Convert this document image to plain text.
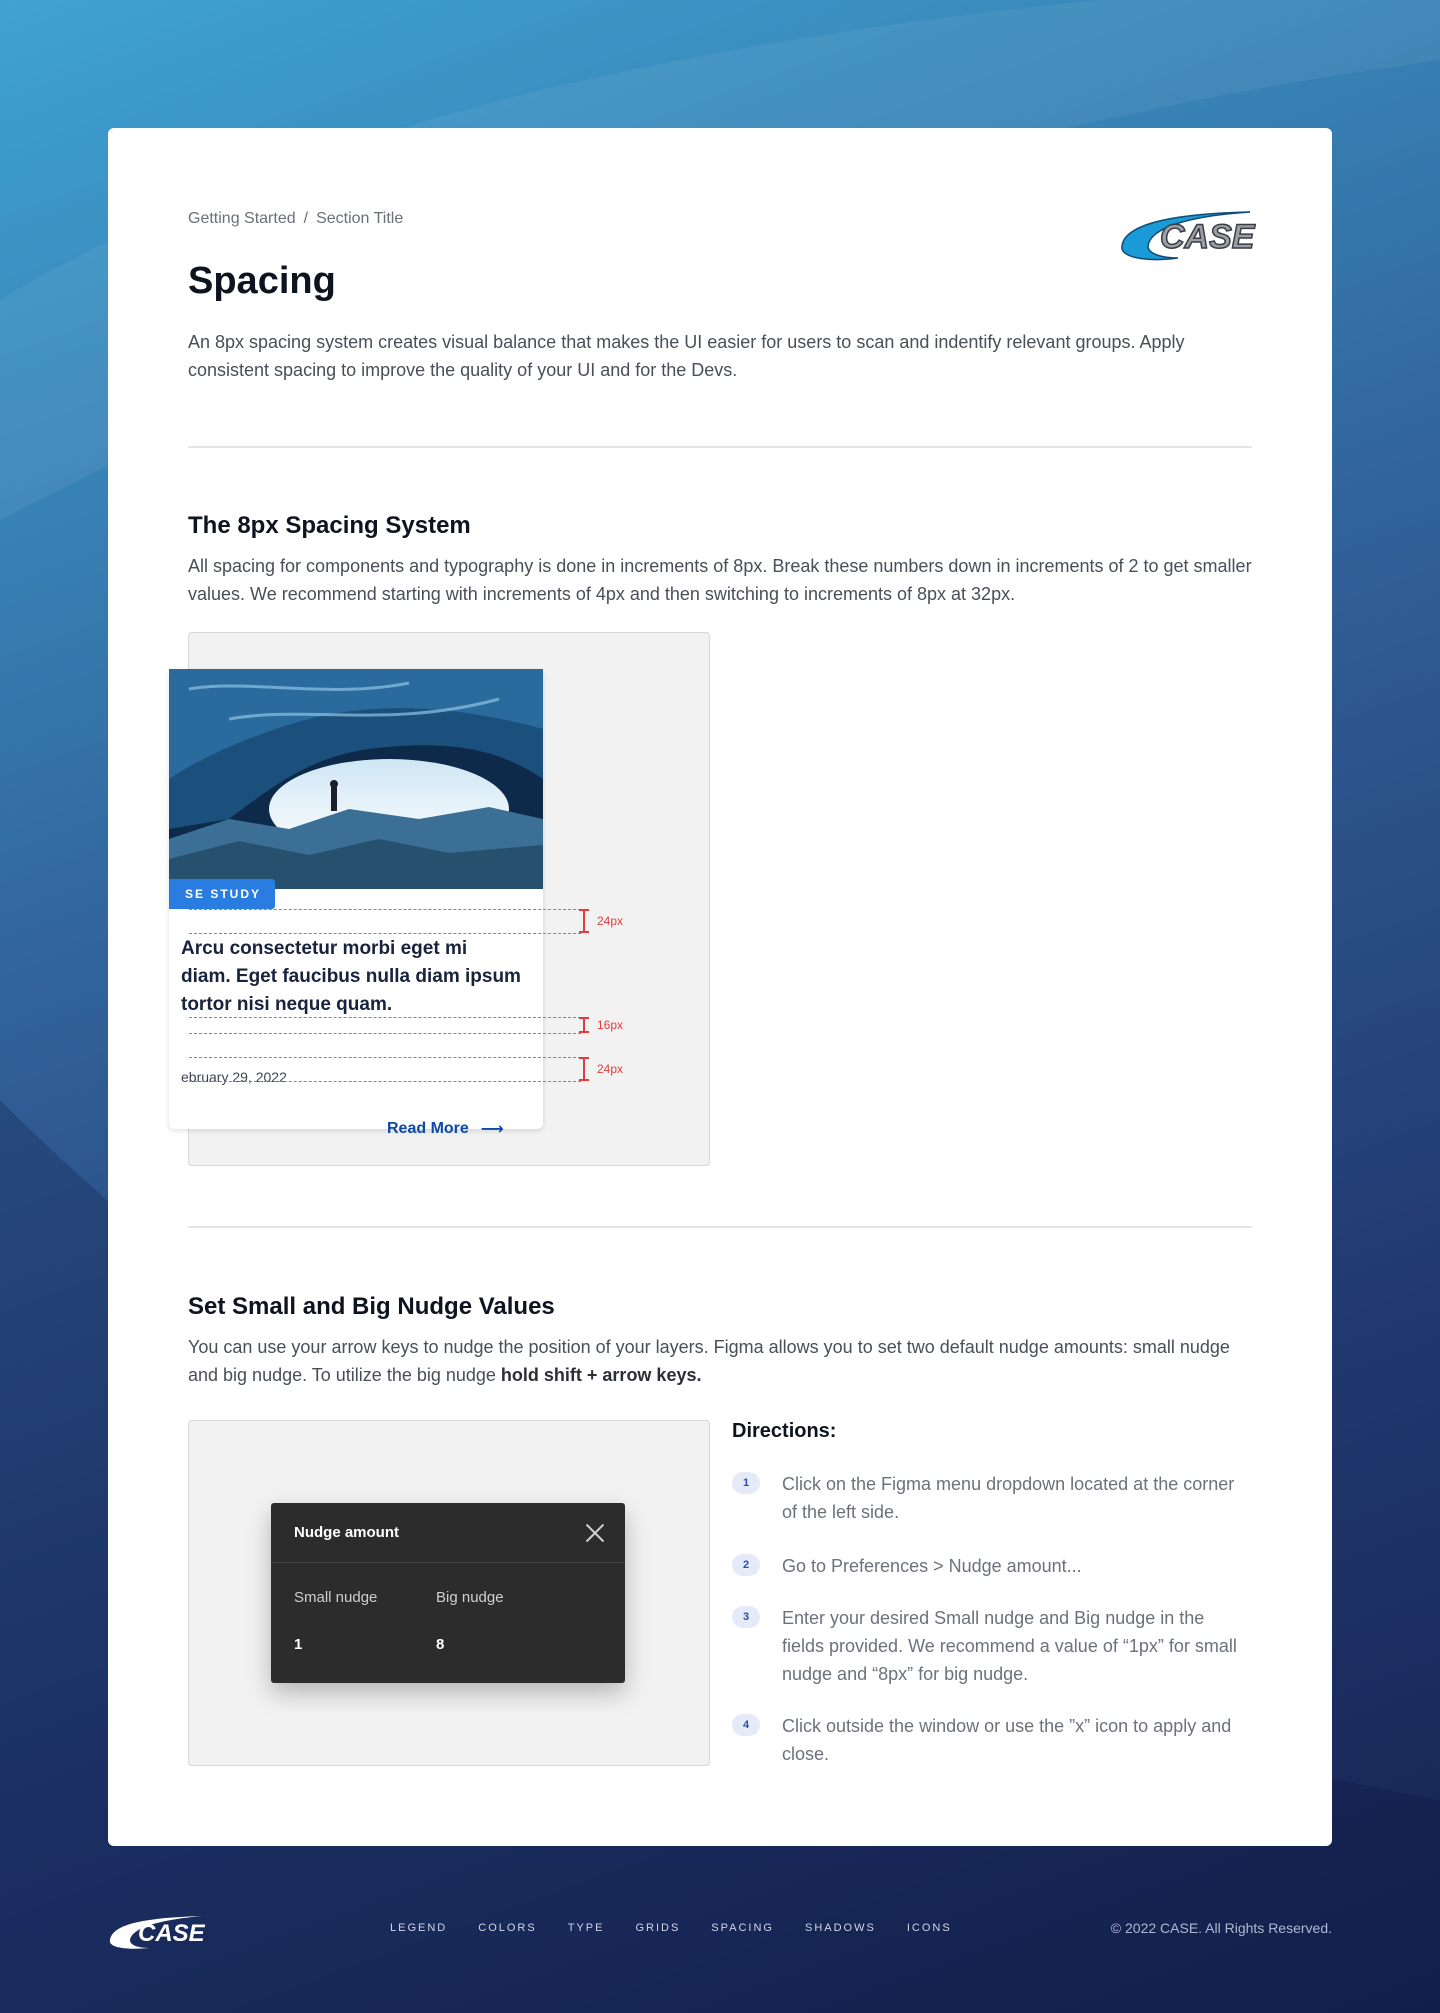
Getting Started / Section Title	CASE
Spacing
An 8px spacing system creates visual balance that makes the UI easier for users to scan and indentify relevant groups. Apply consistent spacing to improve the quality of your UI and for the Devs.
The 8px Spacing System
All spacing for components and typography is done in increments of 8px. Break these numbers down in increments of 2 to get smaller values. We recommend starting with increments of 4px and then switching to increments of 8px at 32px.
SE STUDY
Arcu consectetur morbi eget mi diam. Eget faucibus nulla diam ipsum tortor nisi neque quam.
ebruary 29, 2022
Read More ⟶
24px
16px
24px
Set Small and Big Nudge Values
You can use your arrow keys to nudge the position of your layers. Figma allows you to set two default nudge amounts: small nudge and big nudge. To utilize the big nudge hold shift + arrow keys.
Nudge amount
Small nudge	Big nudge
1	8
Directions:
1	Click on the Figma menu dropdown located at the corner of the left side.
2	Go to Preferences > Nudge amount...
3	Enter your desired Small nudge and Big nudge in the fields provided. We recommend a value of “1px” for small nudge and “8px” for big nudge.
4	Click outside the window or use the ”x” icon to apply and close.
CASE	LEGEND	COLORS	TYPE	GRIDS	SPACING	SHADOWS	ICONS	© 2022 CASE. All Rights Reserved.
